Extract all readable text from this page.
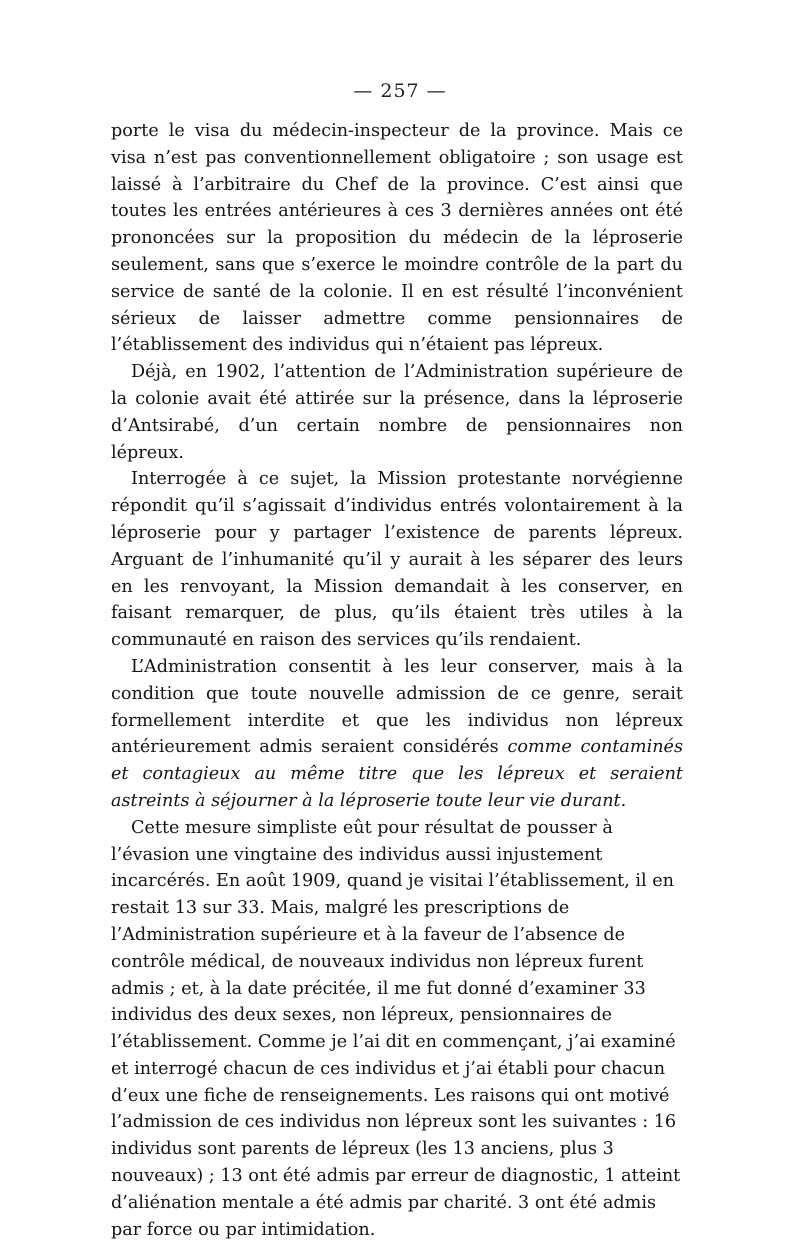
— 257 —

porte le visa du médecin-inspecteur de la province. Mais ce visa n’est pas conventionnellement obligatoire ; son usage est laissé à l’arbitraire du Chef de la province. C’est ainsi que toutes les entrées antérieures à ces 3 dernières années ont été prononcées sur la proposition du médecin de la léproserie seulement, sans que s’exerce le moindre contrôle de la part du service de santé de la colonie. Il en est résulté l’inconvénient sérieux de laisser admettre comme pensionnaires de l’établissement des individus qui n’étaient pas lépreux.

Déjà, en 1902, l’attention de l’Administration supérieure de la colonie avait été attirée sur la présence, dans la léproserie d’Antsirabé, d’un certain nombre de pensionnaires non lépreux.

Interrogée à ce sujet, la Mission protestante norvégienne répondit qu’il s’agissait d’individus entrés volontairement à la léproserie pour y partager l’existence de parents lépreux. Arguant de l’inhumanité qu’il y aurait à les séparer des leurs en les renvoyant, la Mission demandait à les conserver, en faisant remarquer, de plus, qu’ils étaient très utiles à la communauté en raison des services qu’ils rendaient.

L’Administration consentit à les leur conserver, mais à la condition que toute nouvelle admission de ce genre, serait formellement interdite et que les individus non lépreux antérieurement admis seraient considérés comme contaminés et contagieux au même titre que les lépreux et seraient astreints à séjourner à la léproserie toute leur vie durant.

Cette mesure simpliste eût pour résultat de pousser à l’évasion une vingtaine des individus aussi injustement incarcérés. En août 1909, quand je visitai l’établissement, il en restait 13 sur 33. Mais, malgré les prescriptions de l’Administration supérieure et à la faveur de l’absence de contrôle médical, de nouveaux individus non lépreux furent admis ; et, à la date précitée, il me fut donné d’examiner 33 individus des deux sexes, non lépreux, pensionnaires de l’établissement. Comme je l’ai dit en commençant, j’ai examiné et interrogé chacun de ces individus et j’ai établi pour chacun d’eux une fiche de renseignements. Les raisons qui ont motivé l’admission de ces individus non lépreux sont les suivantes : 16 individus sont parents de lépreux (les 13 anciens, plus 3 nouveaux) ; 13 ont été admis par erreur de diagnostic, 1 atteint d’aliénation mentale a été admis par charité. 3 ont été admis par force ou par intimidation.
